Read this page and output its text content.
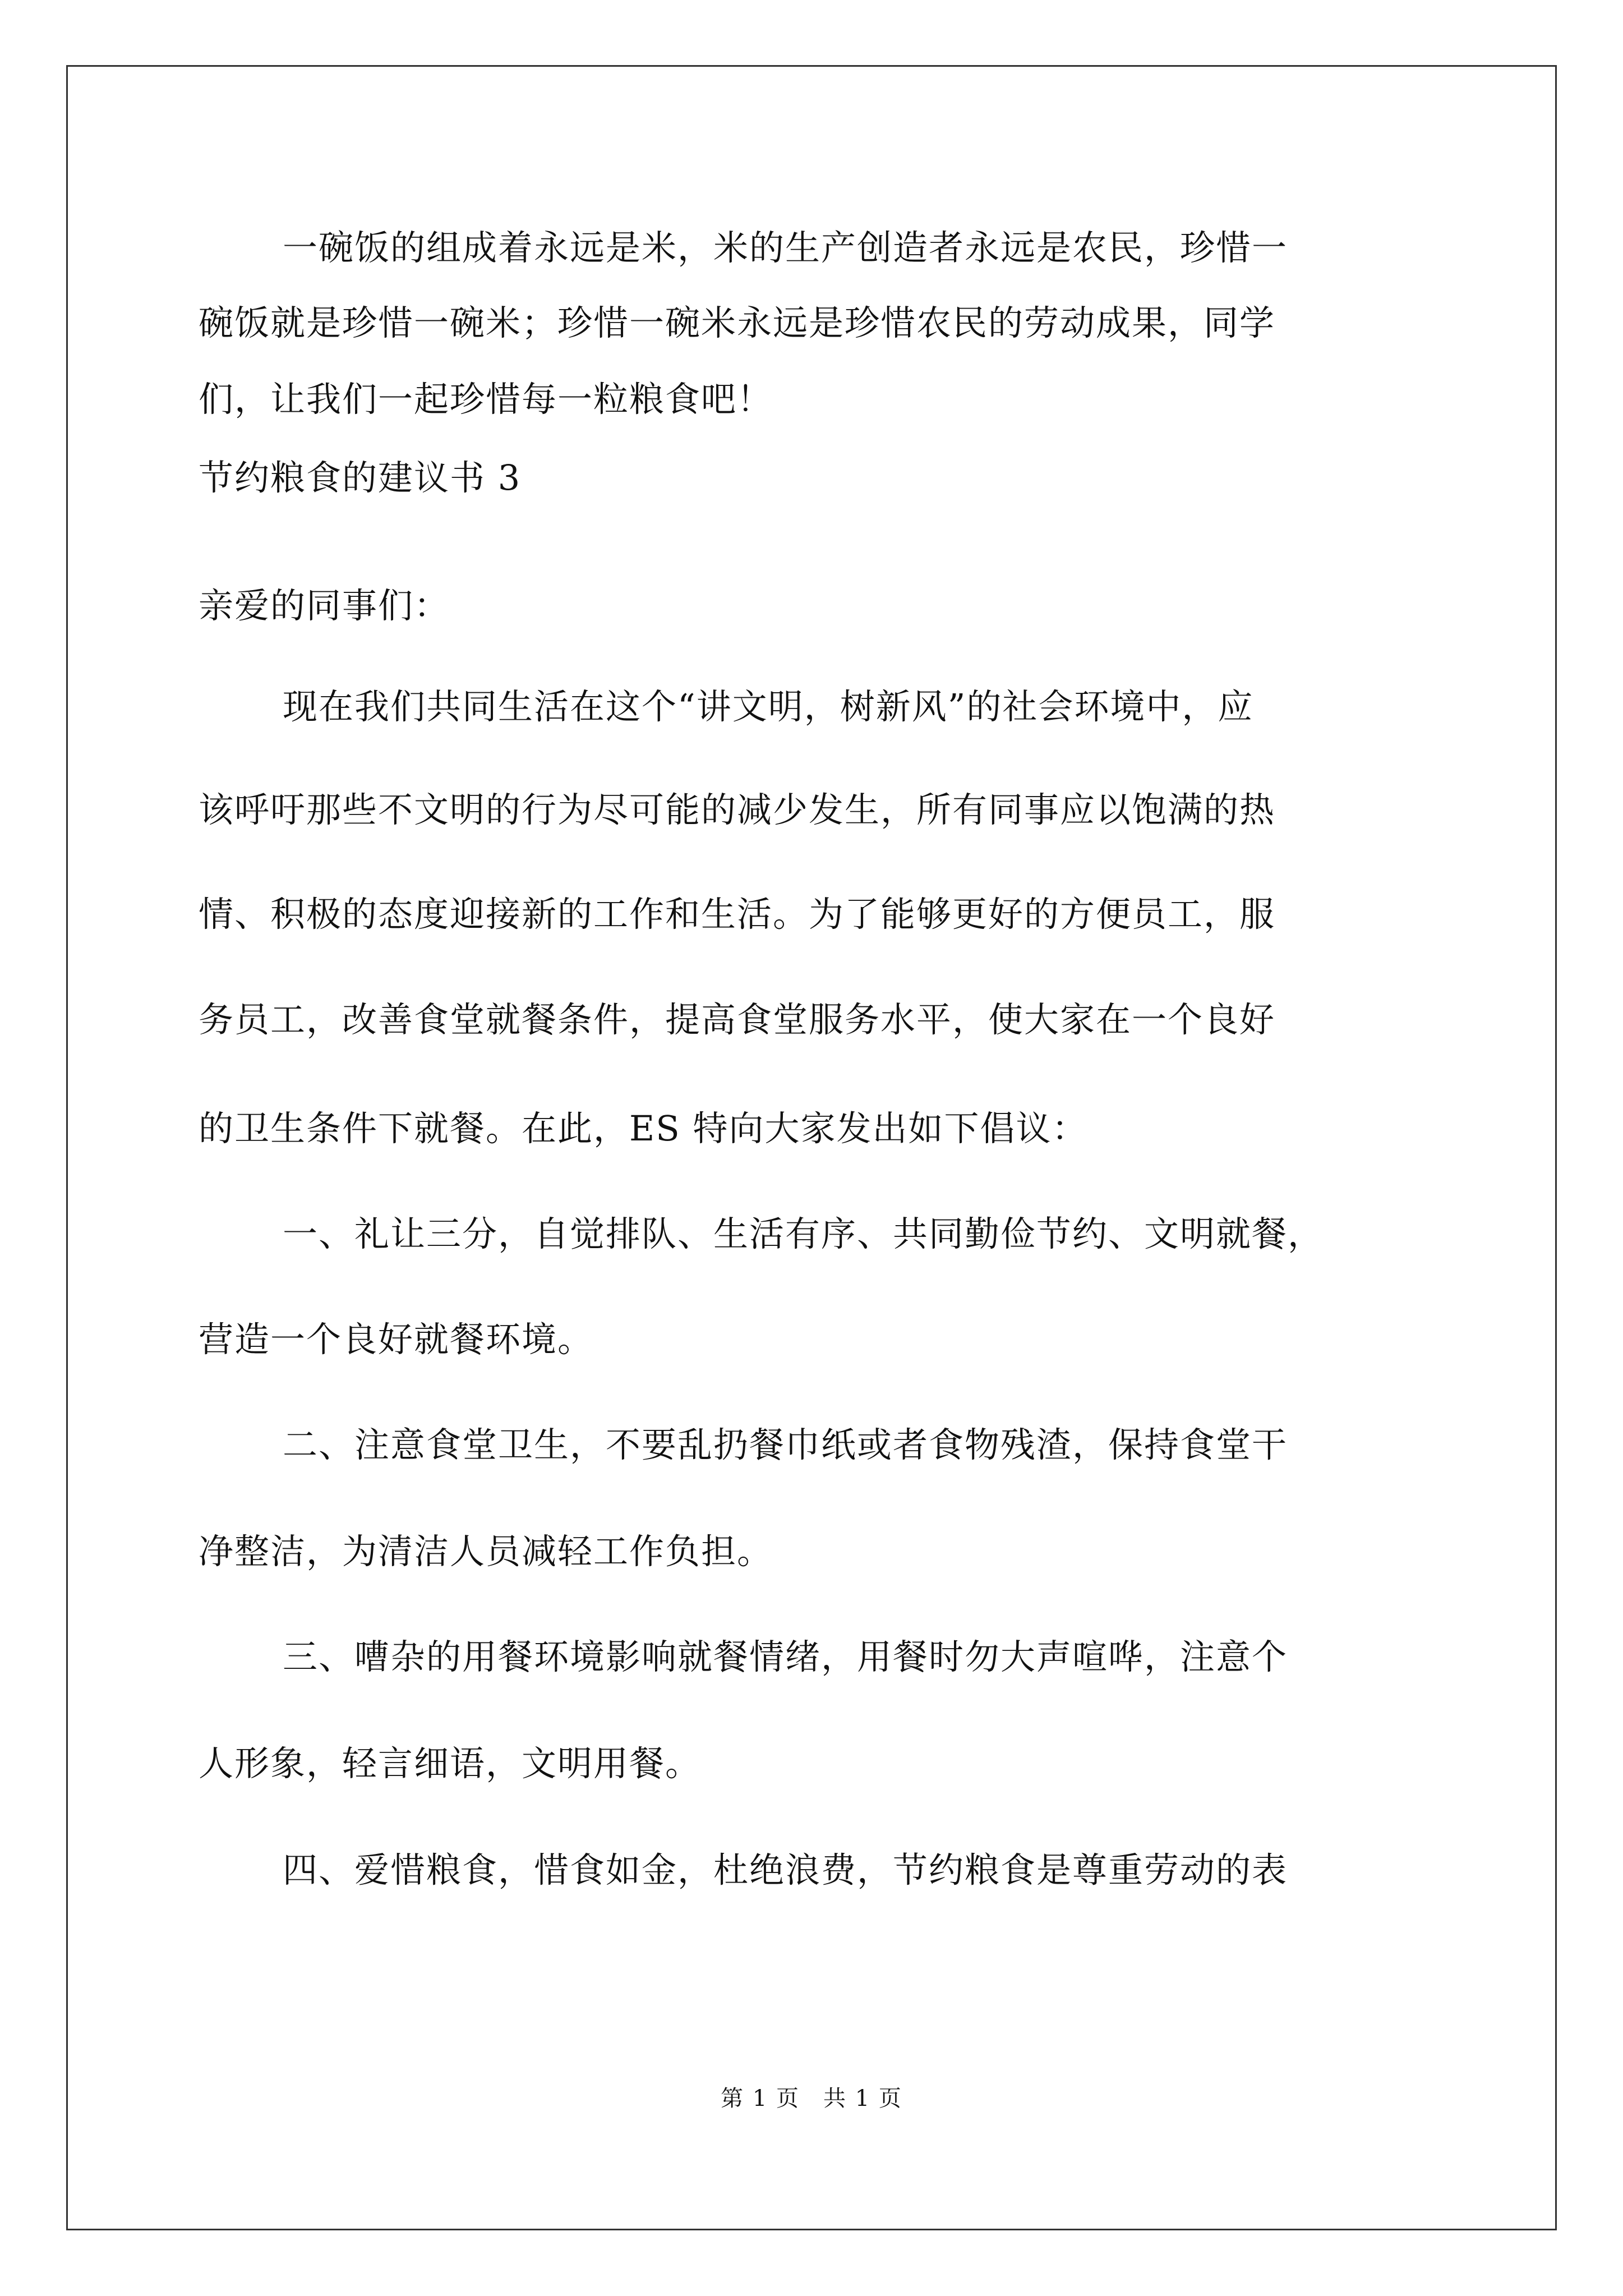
一碗饭的组成着永远是米，米的生产创造者永远是农民，珍惜一
碗饭就是珍惜一碗米；珍惜一碗米永远是珍惜农民的劳动成果，同学
们，让我们一起珍惜每一粒粮食吧！
节约粮食的建议书 3
亲爱的同事们：
现在我们共同生活在这个“讲文明，树新风”的社会环境中，应
该呼吁那些不文明的行为尽可能的减少发生，所有同事应以饱满的热
情、积极的态度迎接新的工作和生活。为了能够更好的方便员工，服
务员工，改善食堂就餐条件，提高食堂服务水平，使大家在一个良好
的卫生条件下就餐。在此，ES 特向大家发出如下倡议：
一、礼让三分，自觉排队、生活有序、共同勤俭节约、文明就餐，
营造一个良好就餐环境。
二、注意食堂卫生，不要乱扔餐巾纸或者食物残渣，保持食堂干
净整洁，为清洁人员减轻工作负担。
三、嘈杂的用餐环境影响就餐情绪，用餐时勿大声喧哗，注意个
人形象，轻言细语，文明用餐。
四、爱惜粮食，惜食如金，杜绝浪费，节约粮食是尊重劳动的表
第 1 页　共 1 页
